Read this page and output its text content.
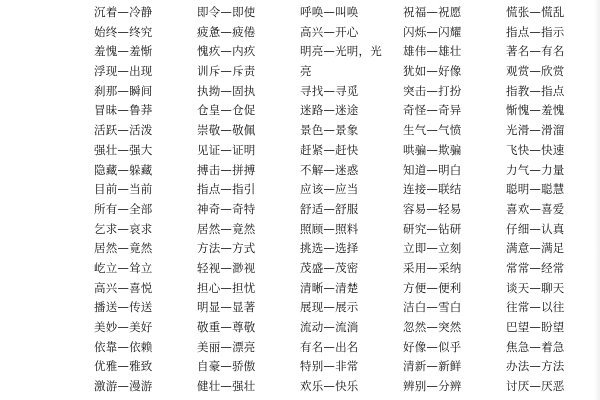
沉着—冷静	即令—即使	呼唤—叫唤	祝福—祝愿	慌张—慌乱
始终—终究	疲惫—疲倦	高兴—开心	闪烁—闪耀	指点—指示
羞愧—羞惭	愧疚—内疚	明亮—光明，光	雄伟—雄壮	著名—有名
浮现—出现	训斥—斥责	亮	犹如—好像	观赏—欣赏
刹那—瞬间	执拗—固执	寻找—寻觅	突击—打扮	指教—指点
冒昧—鲁莽	仓皇—仓促	迷路—迷途	奇怪—奇异	惭愧—羞愧
活跃—活泼	崇敬—敬佩	景色—景象	生气—气愤	光滑—滑溜
强壮—强大	见证—证明	赶紧—赶快	哄骗—欺骗	飞快—快速
隐藏—躲藏	搏击—拼搏	不解—迷惑	知道—明白	力气—力量
目前—当前	指点—指引	应该—应当	连接—联结	聪明—聪慧
所有—全部	神奇—奇特	舒适—舒服	容易—轻易	喜欢—喜爱
乞求—哀求	居然—竟然	照顾—照料	研究—钻研	仔细—认真
居然—竟然	方法—方式	挑选—选择	立即—立刻	满意—满足
屹立—耸立	轻视—渺视	茂盛—茂密	采用—采纳	常常—经常
高兴—喜悦	担心—担忧	清晰—清楚	方便—便利	谈天—聊天
播送—传送	明显—显著	展现—展示	洁白—雪白	往常—以往
美妙—美好	敬重—尊敬	流动—流淌	忽然—突然	巴望—盼望
依靠—依赖	美丽—漂亮	有名—出名	好像—似乎	焦急—着急
优雅—雅致	自豪—骄傲	特别—非常	清新—新鲜	办法—方法
激游—漫游	健壮—强壮	欢乐—快乐	辨别—分辨	讨厌—厌恶
